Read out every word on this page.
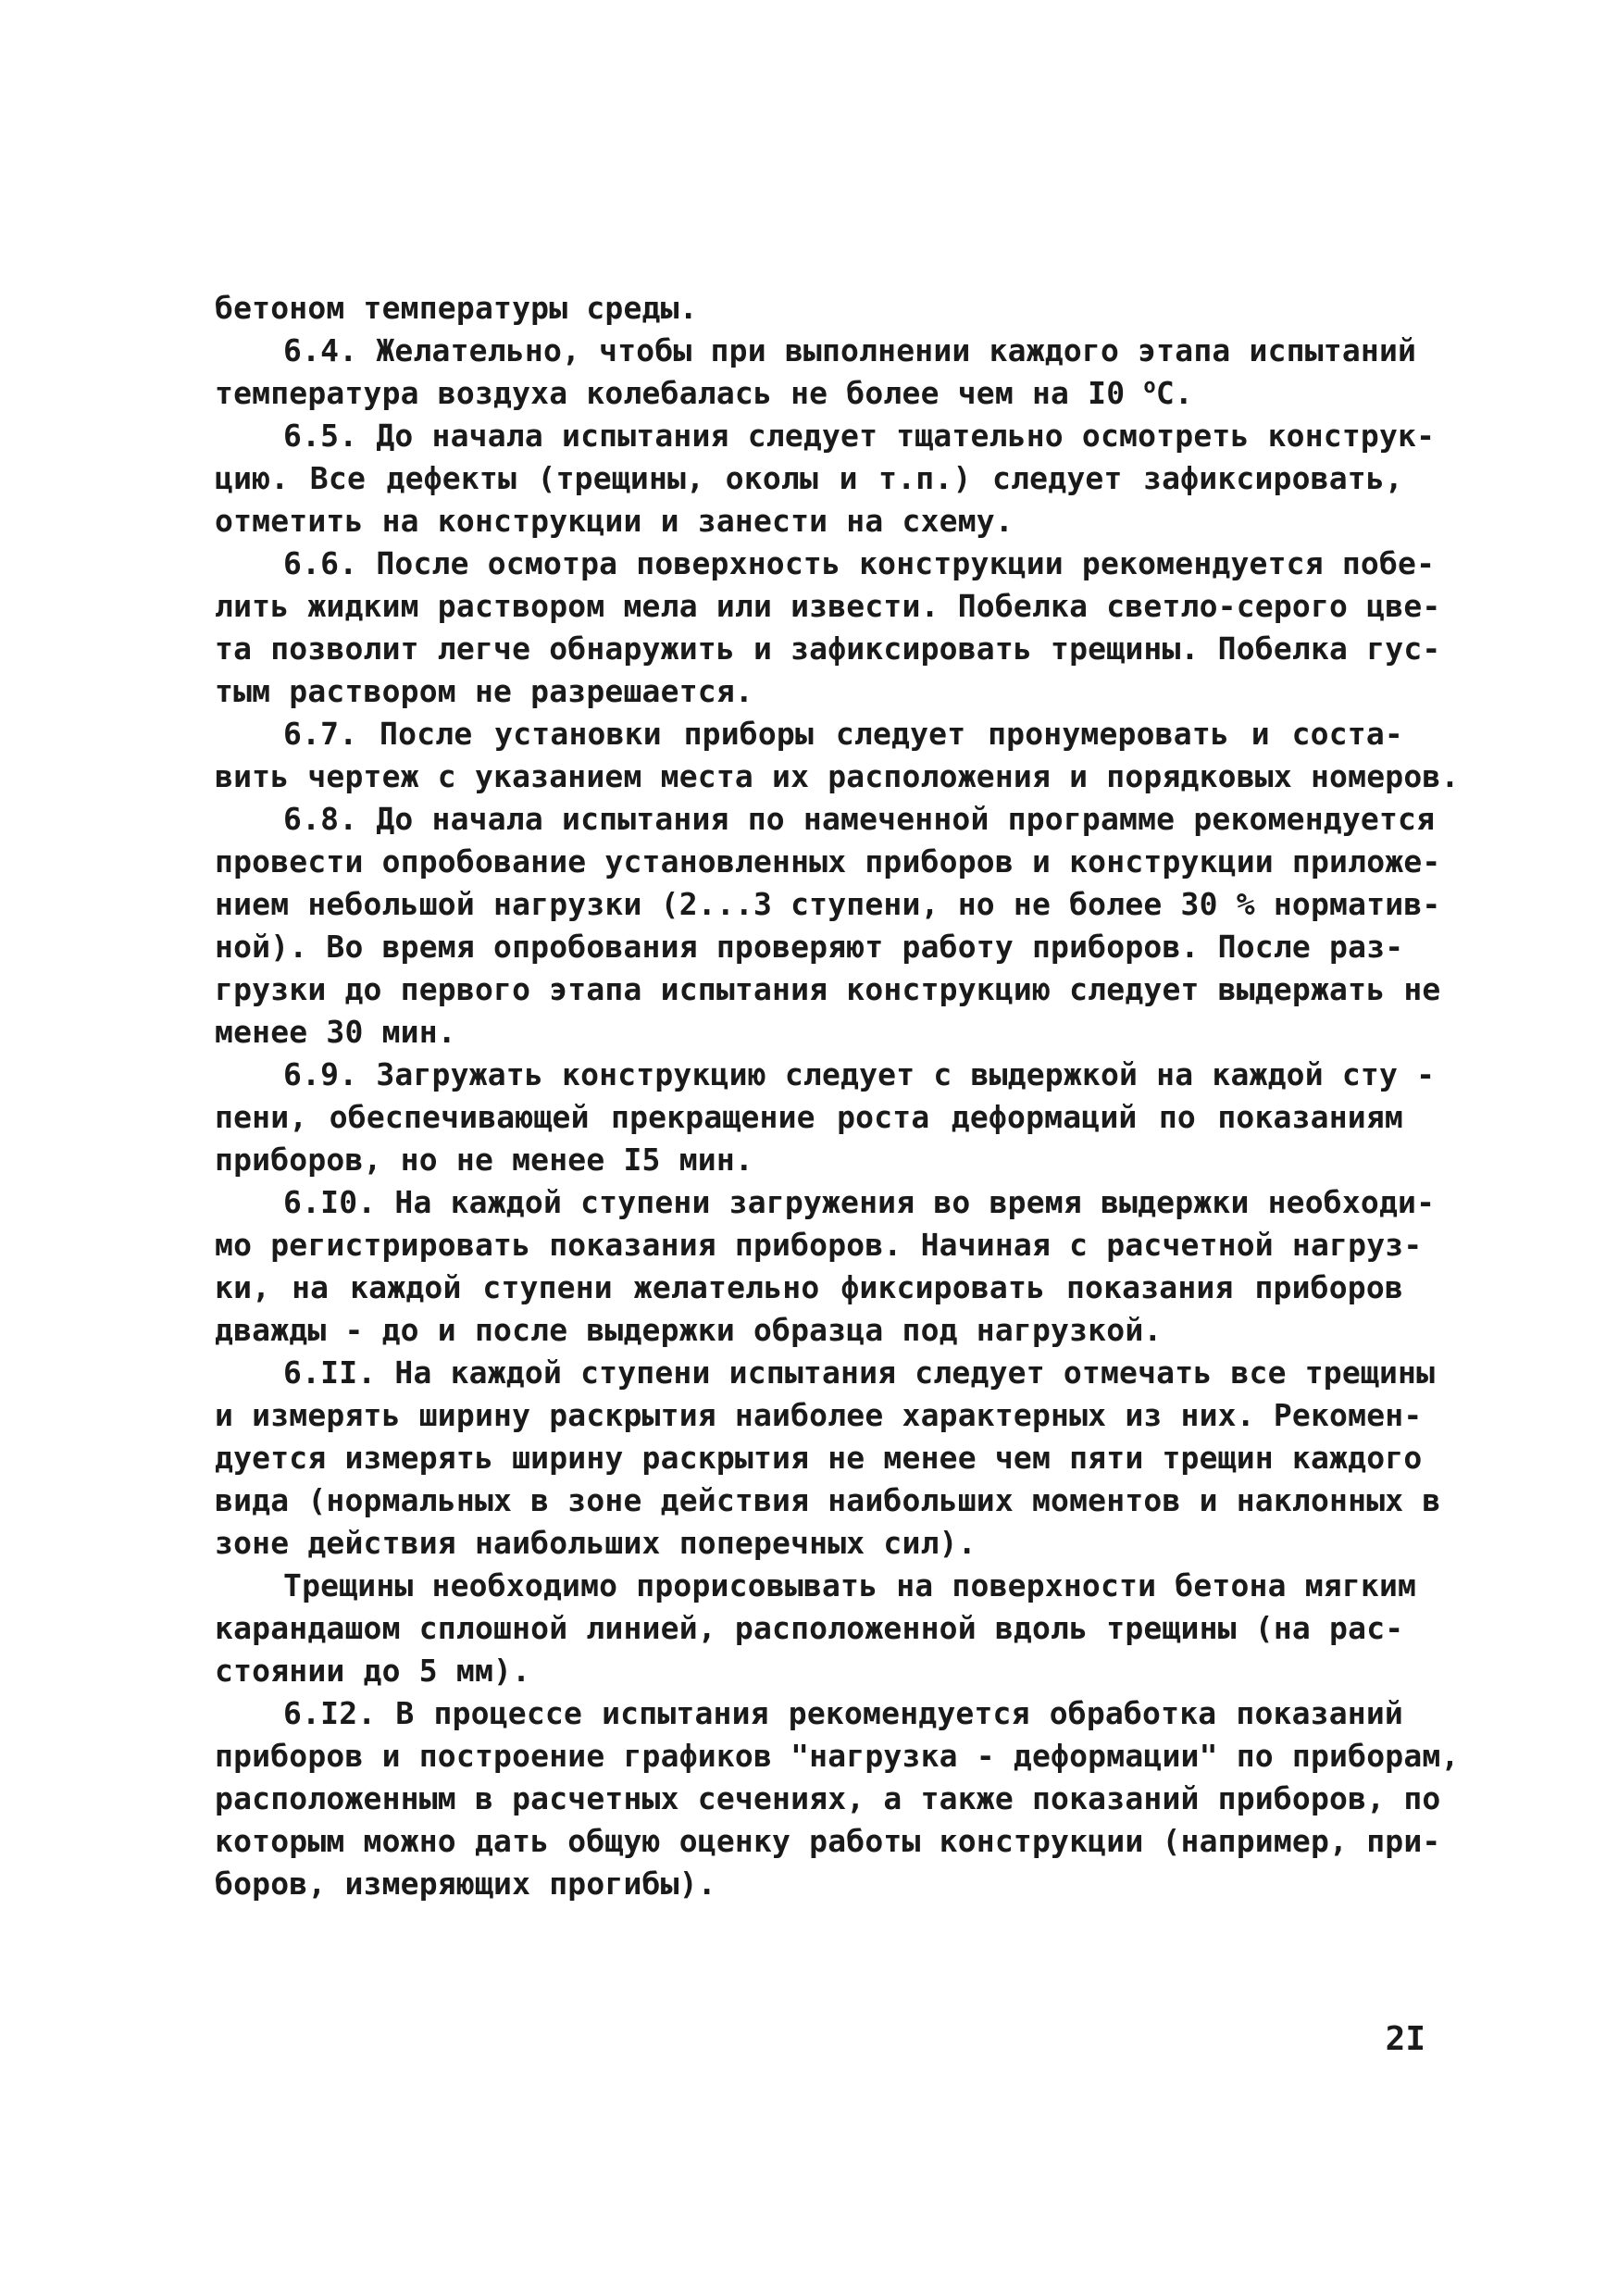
бетоном температуры среды.
6.4. Желательно, чтобы при выполнении каждого этапа испытаний
температура воздуха колебалась не более чем на I0 $^о$С.
6.5. До начала испытания следует тщательно осмотреть конструк-
цию. Все дефекты (трещины, околы и т.п.) следует зафиксировать,
отметить на конструкции и занести на схему.
6.6. После осмотра поверхность конструкции рекомендуется побе-
лить жидким раствором мела или извести. Побелка светло-серого цве-
та позволит легче обнаружить и зафиксировать трещины. Побелка гус-
тым раствором не разрешается.
6.7. После установки приборы следует пронумеровать и соста-
вить чертеж с указанием места их расположения и порядковых номеров.
6.8. До начала испытания по намеченной программе рекомендуется
провести опробование установленных приборов и конструкции приложе-
нием небольшой нагрузки (2...3 ступени, но не более 30 % норматив-
ной). Во время опробования проверяют работу приборов. После раз-
грузки до первого этапа испытания конструкцию следует выдержать не
менее 30 мин.
6.9. Загружать конструкцию следует с выдержкой на каждой сту -
пени, обеспечивающей прекращение роста деформаций по показаниям
приборов, но не менее I5 мин.
6.I0. На каждой ступени загружения во время выдержки необходи-
мо регистрировать показания приборов. Начиная с расчетной нагруз-
ки, на каждой ступени желательно фиксировать показания приборов
дважды - до и после выдержки образца под нагрузкой.
6.II. На каждой ступени испытания следует отмечать все трещины
и измерять ширину раскрытия наиболее характерных из них. Рекомен-
дуется измерять ширину раскрытия не менее чем пяти трещин каждого
вида (нормальных в зоне действия наибольших моментов и наклонных в
зоне действия наибольших поперечных сил).
Трещины необходимо прорисовывать на поверхности бетона мягким
карандашом сплошной линией, расположенной вдоль трещины (на рас-
стоянии до 5 мм).
6.I2. В процессе испытания рекомендуется обработка показаний
приборов и построение графиков "нагрузка - деформации" по приборам,
расположенным в расчетных сечениях, а также показаний приборов, по
которым можно дать общую оценку работы конструкции (например, при-
боров, измеряющих прогибы).
2I
